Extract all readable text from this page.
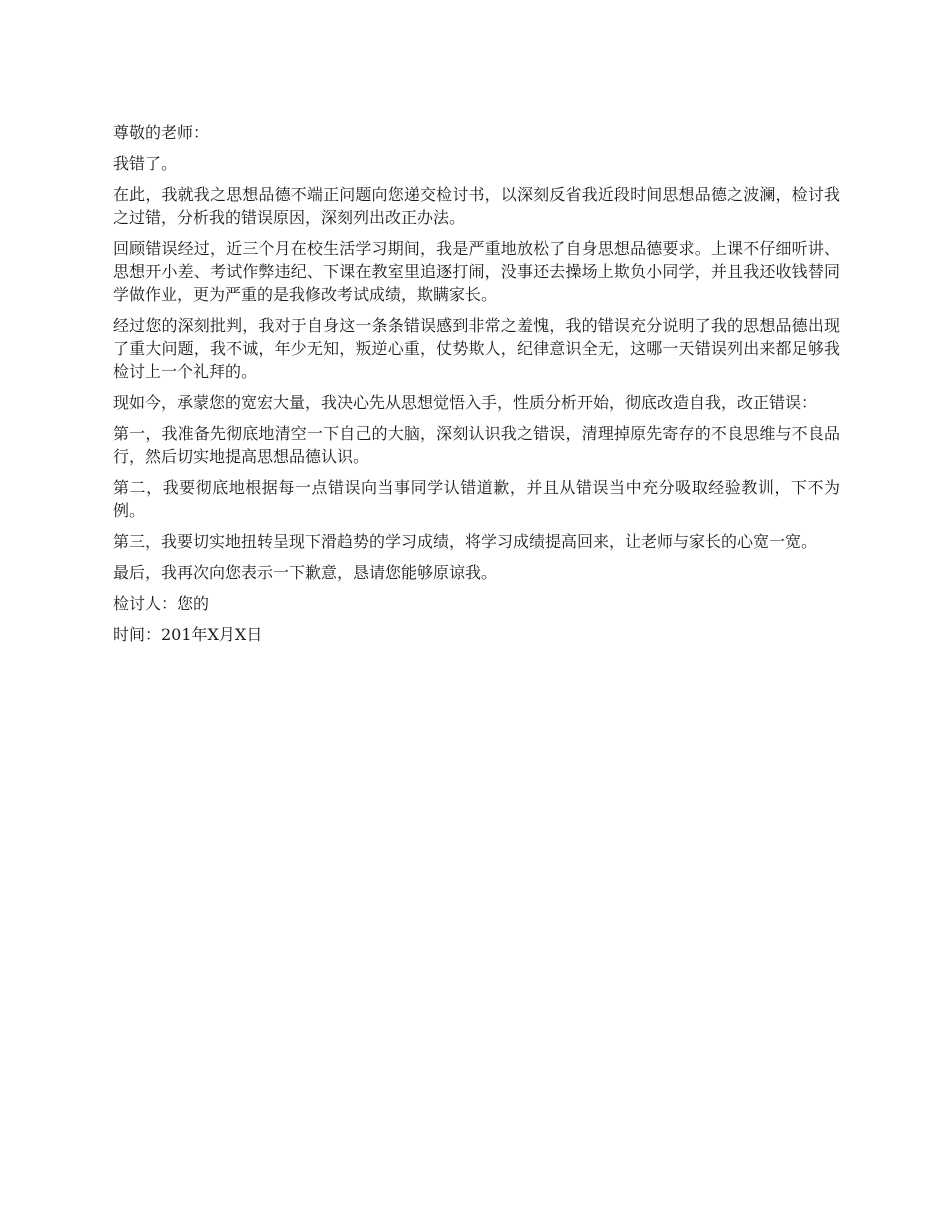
尊敬的老师：

我错了。

在此，我就我之思想品德不端正问题向您递交检讨书，以深刻反省我近段时间思想品德之波澜，检讨我之过错，分析我的错误原因，深刻列出改正办法。

回顾错误经过，近三个月在校生活学习期间，我是严重地放松了自身思想品德要求。上课不仔细听讲、思想开小差、考试作弊违纪、下课在教室里追逐打闹，没事还去操场上欺负小同学，并且我还收钱替同学做作业，更为严重的是我修改考试成绩，欺瞒家长。

经过您的深刻批判，我对于自身这一条条错误感到非常之羞愧，我的错误充分说明了我的思想品德出现了重大问题，我不诚，年少无知，叛逆心重，仗势欺人，纪律意识全无，这哪一天错误列出来都足够我检讨上一个礼拜的。

现如今，承蒙您的宽宏大量，我决心先从思想觉悟入手，性质分析开始，彻底改造自我，改正错误：

第一，我准备先彻底地清空一下自己的大脑，深刻认识我之错误，清理掉原先寄存的不良思维与不良品行，然后切实地提高思想品德认识。

第二，我要彻底地根据每一点错误向当事同学认错道歉，并且从错误当中充分吸取经验教训，下不为例。

第三，我要切实地扭转呈现下滑趋势的学习成绩，将学习成绩提高回来，让老师与家长的心宽一宽。

最后，我再次向您表示一下歉意，恳请您能够原谅我。

检讨人：您的

时间：201年X月X日
